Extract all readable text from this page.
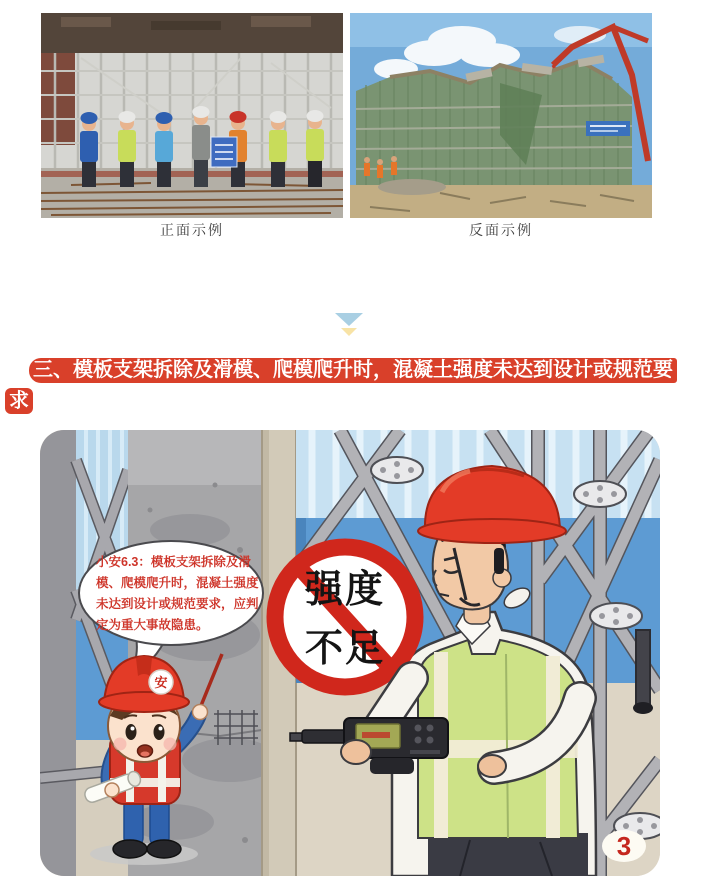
正面示例	反面示例
三、模板支架拆除及滑模、爬模爬升时，混凝土强度未达到设计或规范要
求
强度
不足
小安6.3：模板支架拆除及滑
模、爬模爬升时，混凝土强度
未达到设计或规范要求，应判
定为重大事故隐患。
安
3
